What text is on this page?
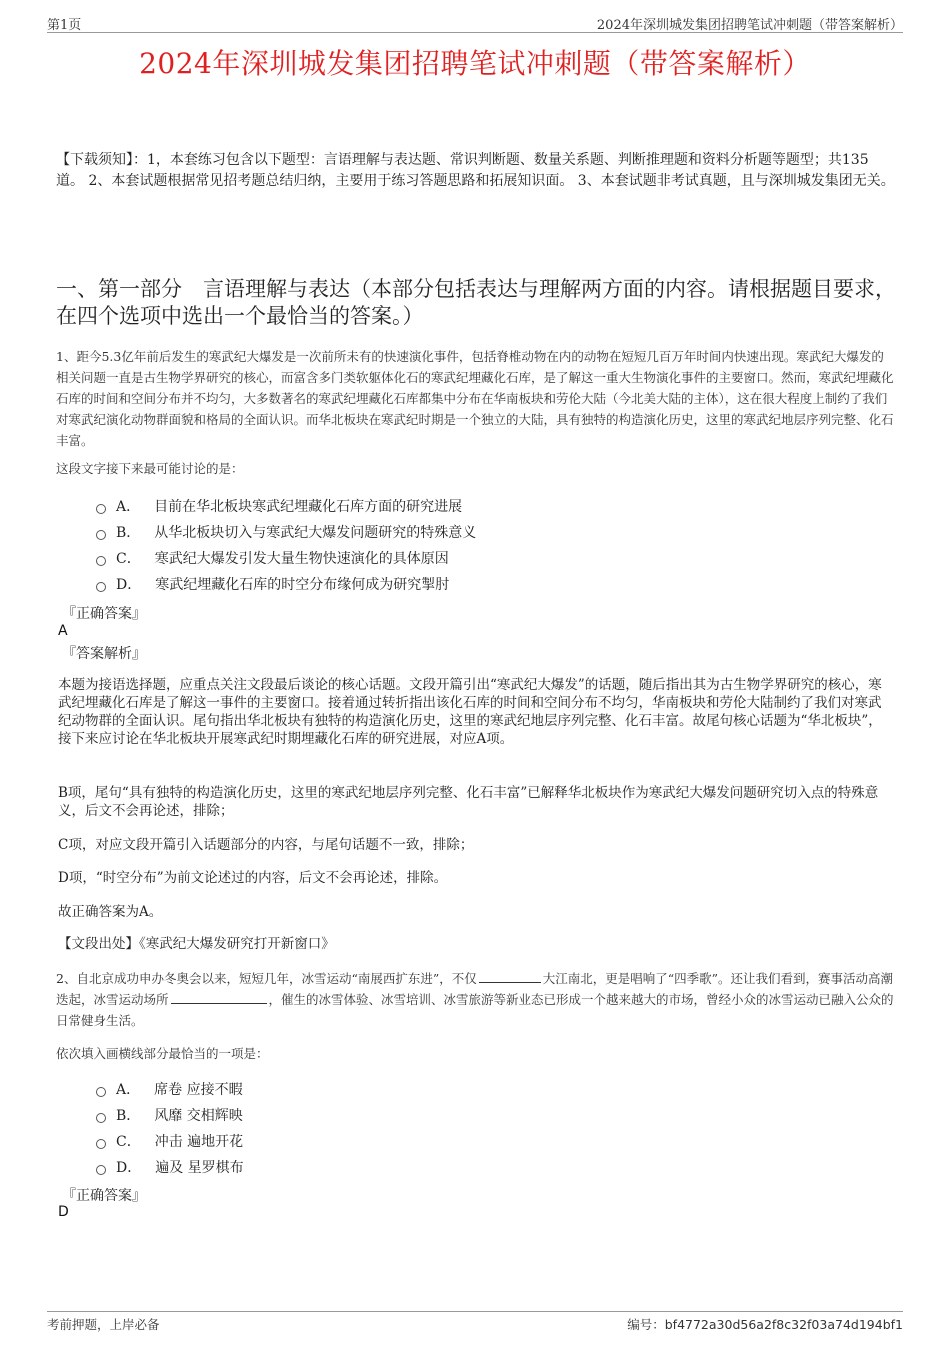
第1页	2024年深圳城发集团招聘笔试冲刺题（带答案解析）
2024年深圳城发集团招聘笔试冲刺题（带答案解析）
【下载须知】：1，本套练习包含以下题型：言语理解与表达题、常识判断题、数量关系题、判断推理题和资料分析题等题型；共135道。 2、本套试题根据常见招考题总结归纳，主要用于练习答题思路和拓展知识面。 3、本套试题非考试真题，且与深圳城发集团无关。
一、第一部分　言语理解与表达（本部分包括表达与理解两方面的内容。请根据题目要求，在四个选项中选出一个最恰当的答案。）
1、距今5.3亿年前后发生的寒武纪大爆发是一次前所未有的快速演化事件，包括脊椎动物在内的动物在短短几百万年时间内快速出现。寒武纪大爆发的相关问题一直是古生物学界研究的核心，而富含多门类软躯体化石的寒武纪埋藏化石库，是了解这一重大生物演化事件的主要窗口。然而，寒武纪埋藏化石库的时间和空间分布并不均匀，大多数著名的寒武纪埋藏化石库都集中分布在华南板块和劳伦大陆（今北美大陆的主体），这在很大程度上制约了我们对寒武纪演化动物群面貌和格局的全面认识。而华北板块在寒武纪时期是一个独立的大陆，具有独特的构造演化历史，这里的寒武纪地层序列完整、化石丰富。
这段文字接下来最可能讨论的是：
A． 目前在华北板块寒武纪埋藏化石库方面的研究进展
B． 从华北板块切入与寒武纪大爆发问题研究的特殊意义
C． 寒武纪大爆发引发大量生物快速演化的具体原因
D． 寒武纪埋藏化石库的时空分布缘何成为研究掣肘
『正确答案』
A
『答案解析』
本题为接语选择题，应重点关注文段最后谈论的核心话题。文段开篇引出“寒武纪大爆发”的话题，随后指出其为古生物学界研究的核心，寒武纪埋藏化石库是了解这一事件的主要窗口。接着通过转折指出该化石库的时间和空间分布不均匀，华南板块和劳伦大陆制约了我们对寒武纪动物群的全面认识。尾句指出华北板块有独特的构造演化历史，这里的寒武纪地层序列完整、化石丰富。故尾句核心话题为“华北板块”，接下来应讨论在华北板块开展寒武纪时期埋藏化石库的研究进展，对应A项。
B项，尾句“具有独特的构造演化历史，这里的寒武纪地层序列完整、化石丰富”已解释华北板块作为寒武纪大爆发问题研究切入点的特殊意义，后文不会再论述，排除；
C项，对应文段开篇引入话题部分的内容，与尾句话题不一致，排除；
D项，“时空分布”为前文论述过的内容，后文不会再论述，排除。
故正确答案为A。
【文段出处】《寒武纪大爆发研究打开新窗口》
2、自北京成功申办冬奥会以来，短短几年，冰雪运动“南展西扩东进”，不仅	大江南北，更是唱响了“四季歌”。还让我们看到，赛事活动高潮迭起，冰雪运动场所	，催生的冰雪体验、冰雪培训、冰雪旅游等新业态已形成一个越来越大的市场，曾经小众的冰雪运动已融入公众的日常健身生活。
依次填入画横线部分最恰当的一项是：
A． 席卷 应接不暇
B． 风靡 交相辉映
C． 冲击 遍地开花
D． 遍及 星罗棋布
『正确答案』
D
考前押题，上岸必备	编号：bf4772a30d56a2f8c32f03a74d194bf1
